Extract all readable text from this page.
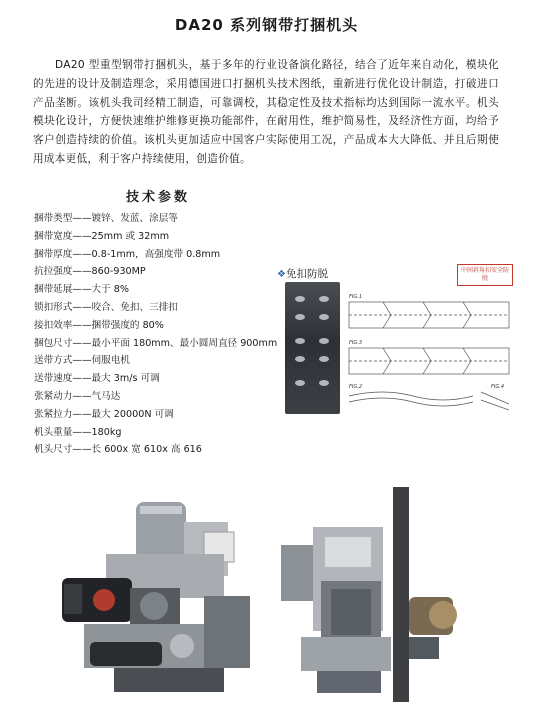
DA20 系列钢带打捆机头

DA20 型重型钢带打捆机头，基于多年的行业设备演化路径，结合了近年来自动化，模块化的先进的设计及制造理念，采用德国进口打捆机头技术图纸，重新进行优化设计制造，打破进口产品垄断。该机头我司经精工制造，可靠调校，其稳定性及技术指标均达到国际一流水平。机头模块化设计，方便快速维护维修更换功能部件，在耐用性，维护简易性，及经济性方面，均给予客户创造持续的价值。该机头更加适应中国客户实际使用工况，产品成本大大降低、并且后期使用成本更低，利于客户持续使用，创造价值。

技术参数
捆带类型——镀锌、发蓝、涂层等
捆带宽度——25mm 或 32mm
捆带厚度——0.8-1mm，高强度带 0.8mm
抗拉强度——860-930MP
捆带延展——大于 8%
锁扣形式——咬合、免扣、三排扣
接扣效率——捆带强度的 80%
捆包尺寸——最小平面 180mm、最小圆周直径 900mm
送带方式——伺服电机
送带速度——最大 3m/s 可调
张紧动力——气马达
张紧拉力——最大 20000N 可调
机头重量——180kg
机头尺寸——长 600x 宽 610x 高 616
❖免扣防脱
FIG.1
FIG.3
FIG.2	FIG.4
中间斜角扣安全防脱
